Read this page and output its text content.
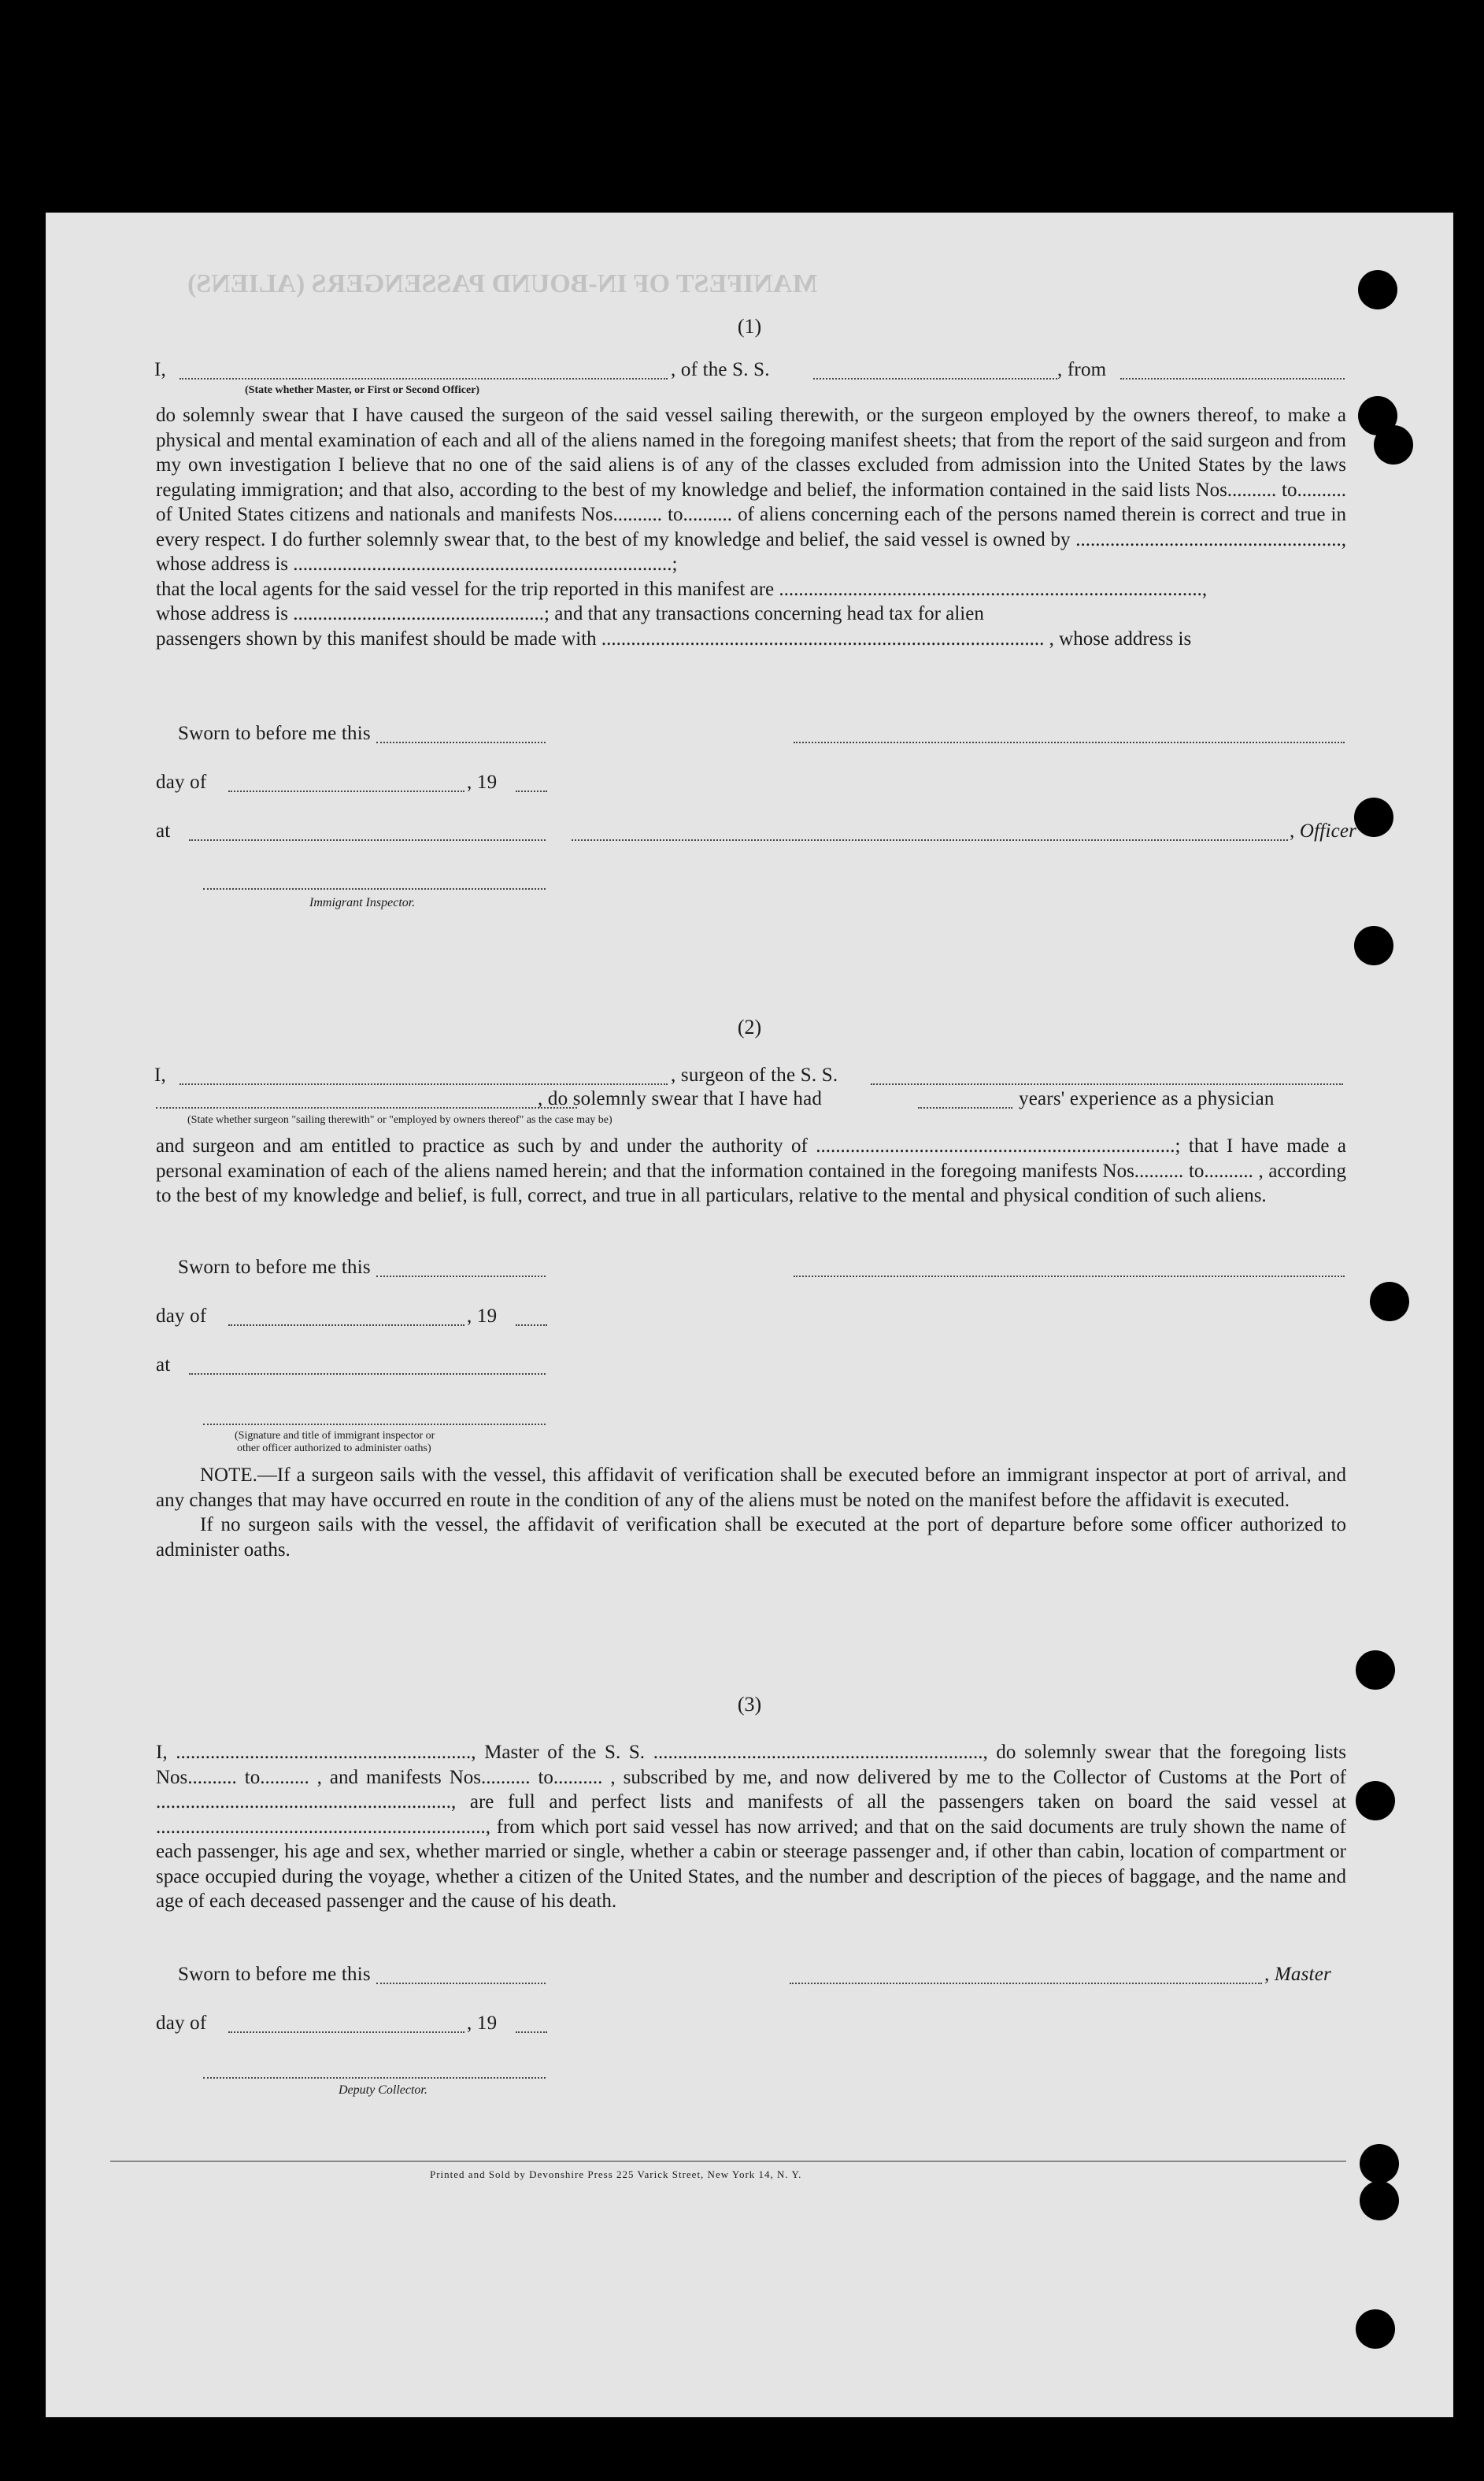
MANIFEST OF IN-BOUND PASSENGERS (ALIENS)
(1)
I,	, of the S. S.	, from
(State whether Master, or First or Second Officer)

do solemnly swear that I have caused the surgeon of the said vessel sailing therewith, or the surgeon employed by the owners thereof, to make a physical and mental examination of each and all of the aliens named in the foregoing manifest sheets; that from the report of the said surgeon and from my own investigation I believe that no one of the said aliens is of any of the classes excluded from admission into the United States by the laws regulating immigration; and that also, according to the best of my knowledge and belief, the information contained in the said lists Nos.......... to.......... of United States citizens and nationals and manifests Nos.......... to.......... of aliens concerning each of the persons named therein is correct and true in every respect. I do further solemnly swear that, to the best of my knowledge and belief, the said vessel is owned by ......................................................, whose address is .............................................................................;

that the local agents for the said vessel for the trip reported in this manifest are ......................................................................................,

whose address is ...................................................; and that any transactions concerning head tax for alien

passengers shown by this manifest should be made with .......................................................................................... , whose address is

Sworn to before me this
day of	, 19
at	, Officer
Immigrant Inspector.
(2)
I,	, surgeon of the S. S.
, do solemnly swear that I have had	years' experience as a physician
(State whether surgeon "sailing therewith" or "employed by owners thereof" as the case may be)

and surgeon and am entitled to practice as such by and under the authority of .........................................................................; that I have made a personal examination of each of the aliens named herein; and that the information contained in the foregoing manifests Nos.......... to.......... , according to the best of my knowledge and belief, is full, correct, and true in all particulars, relative to the mental and physical condition of such aliens.

Sworn to before me this
day of	, 19
at
(Signature and title of immigrant inspector or
other officer authorized to administer oaths)

NOTE.—If a surgeon sails with the vessel, this affidavit of verification shall be executed before an immigrant inspector at port of arrival, and any changes that may have occurred en route in the condition of any of the aliens must be noted on the manifest before the affidavit is executed.

If no surgeon sails with the vessel, the affidavit of verification shall be executed at the port of departure before some officer authorized to administer oaths.

(3)

I, ............................................................, Master of the S. S. ..................................................................., do solemnly swear that the foregoing lists Nos.......... to.......... , and manifests Nos.......... to.......... , subscribed by me, and now delivered by me to the Collector of Customs at the Port of ............................................................, are full and perfect lists and manifests of all the passengers taken on board the said vessel at ..................................................................., from which port said vessel has now arrived; and that on the said documents are truly shown the name of each passenger, his age and sex, whether married or single, whether a cabin or steerage passenger and, if other than cabin, location of compartment or space occupied during the voyage, whether a citizen of the United States, and the number and description of the pieces of baggage, and the name and age of each deceased passenger and the cause of his death.

Sworn to before me this	, Master
day of	, 19
Deputy Collector.
Printed and Sold by Devonshire Press 225 Varick Street, New York 14, N. Y.
